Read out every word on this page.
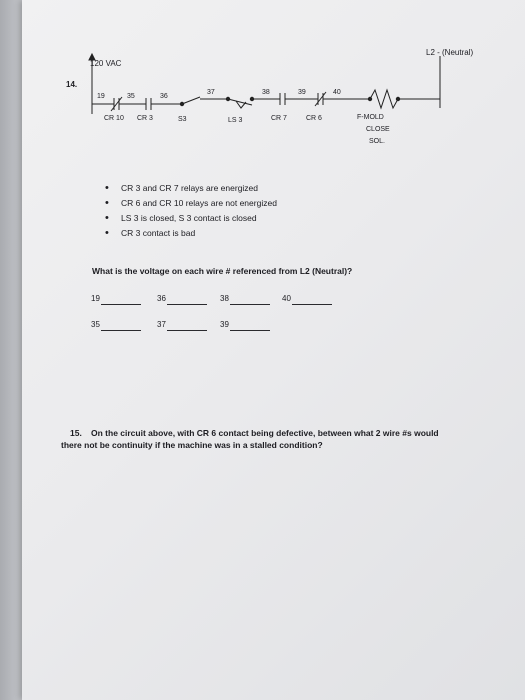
120 VAC
L2 - (Neutral)
14.
19	35	36
37	38	39	40
CR 10 CR 3	S3	LS 3	CR 7	CR 6	F-MOLD
CLOSE
SOL.
• CR 3 and CR 7 relays are energized
• CR 6 and CR 10 relays are not energized
• LS 3 is closed, S 3 contact is closed
• CR 3 contact is bad
What is the voltage on each wire # referenced from L2 (Neutral)?
19	36	38	40
35	37	39
15. On the circuit above, with CR 6 contact being defective, between what 2 wire #s would
there not be continuity if the machine was in a stalled condition?
